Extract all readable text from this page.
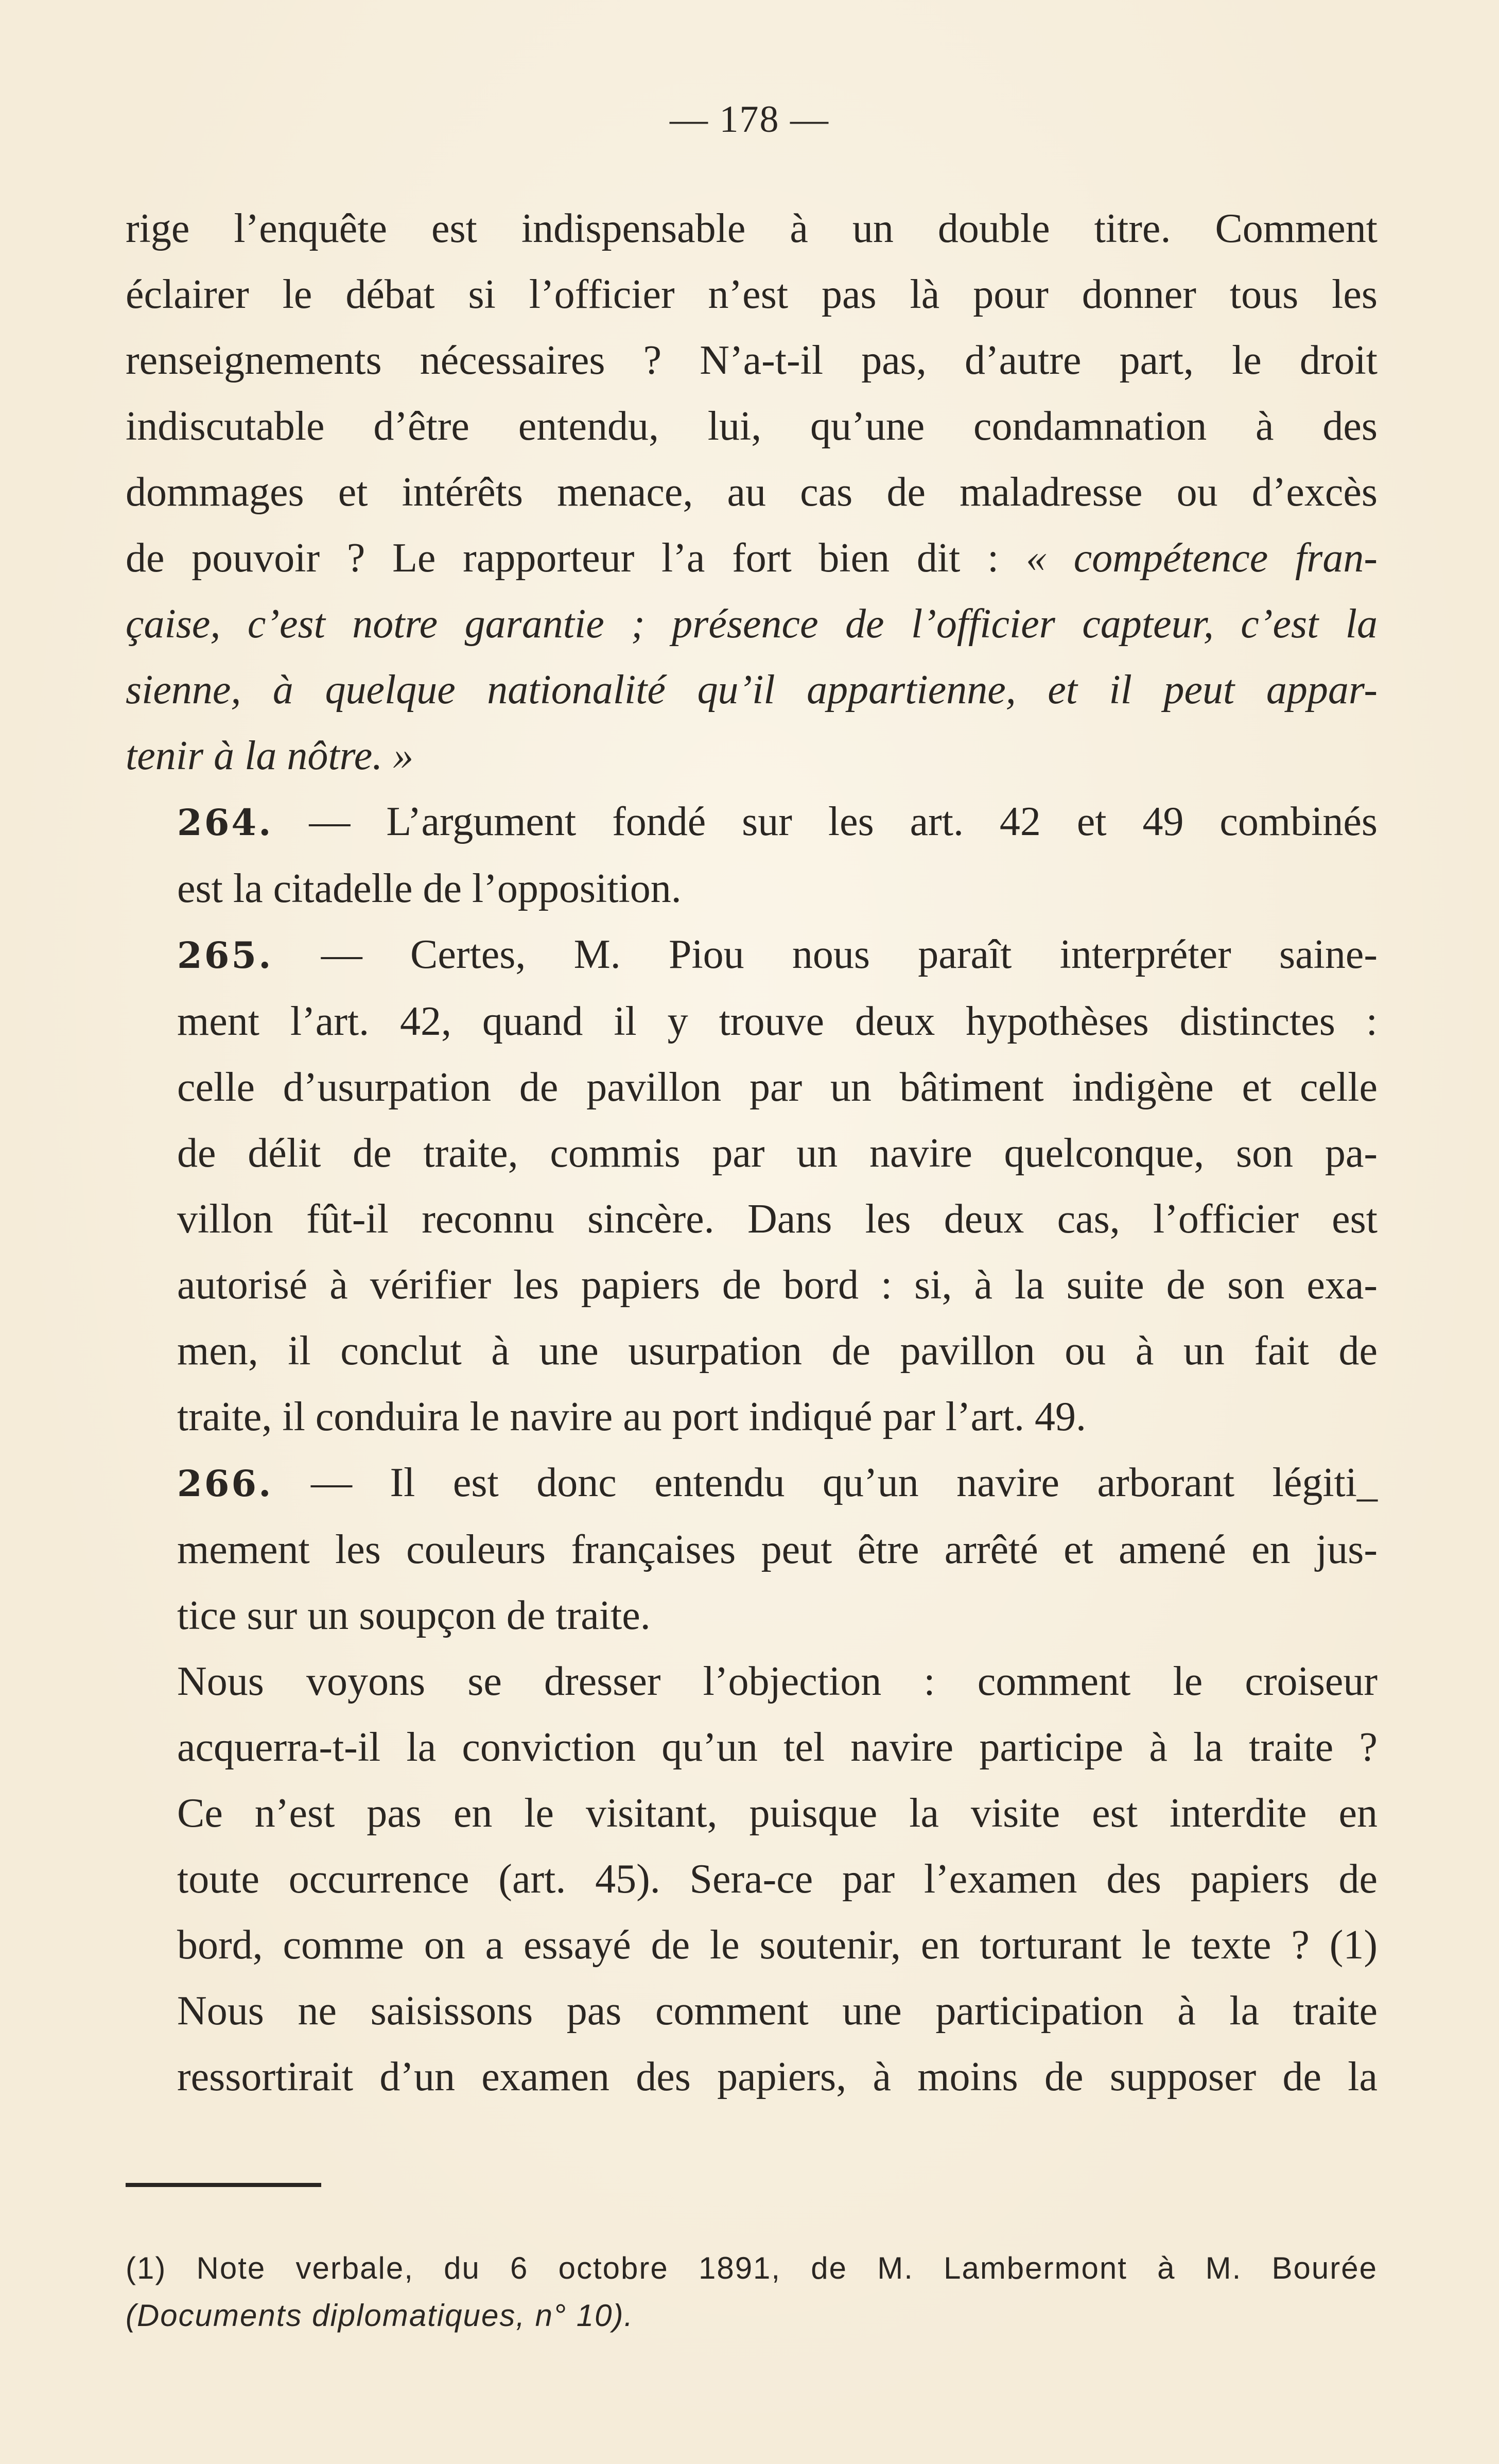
— 178 —

rige l’enquête est indispensable à un double titre. Comment
éclairer le débat si l’officier n’est pas là pour donner tous les
renseignements nécessaires ? N’a-t-il pas, d’autre part, le droit
indiscutable d’être entendu, lui, qu’une condamnation à des
dommages et intérêts menace, au cas de maladresse ou d’excès
de pouvoir ? Le rapporteur l’a fort bien dit : « compétence fran-
çaise, c’est notre garantie ; présence de l’officier capteur, c’est la
sienne, à quelque nationalité qu’il appartienne, et il peut appar-
tenir à la nôtre. »

264. — L’argument fondé sur les art. 42 et 49 combinés
est la citadelle de l’opposition.

265. — Certes, M. Piou nous paraît interpréter saine-
ment l’art. 42, quand il y trouve deux hypothèses distinctes :
celle d’usurpation de pavillon par un bâtiment indigène et celle
de délit de traite, commis par un navire quelconque, son pa-
villon fût-il reconnu sincère. Dans les deux cas, l’officier est
autorisé à vérifier les papiers de bord : si, à la suite de son exa-
men, il conclut à une usurpation de pavillon ou à un fait de
traite, il conduira le navire au port indiqué par l’art. 49.

266. — Il est donc entendu qu’un navire arborant légiti_
mement les couleurs françaises peut être arrêté et amené en jus-
tice sur un soupçon de traite.

Nous voyons se dresser l’objection : comment le croiseur
acquerra-t-il la conviction qu’un tel navire participe à la traite ?
Ce n’est pas en le visitant, puisque la visite est interdite en
toute occurrence (art. 45). Sera-ce par l’examen des papiers de
bord, comme on a essayé de le soutenir, en torturant le texte ? (1)
Nous ne saisissons pas comment une participation à la traite
ressortirait d’un examen des papiers, à moins de supposer de la

(1) Note verbale, du 6 octobre 1891, de M. Lambermont à M. Bourée
(Documents diplomatiques, n° 10).
